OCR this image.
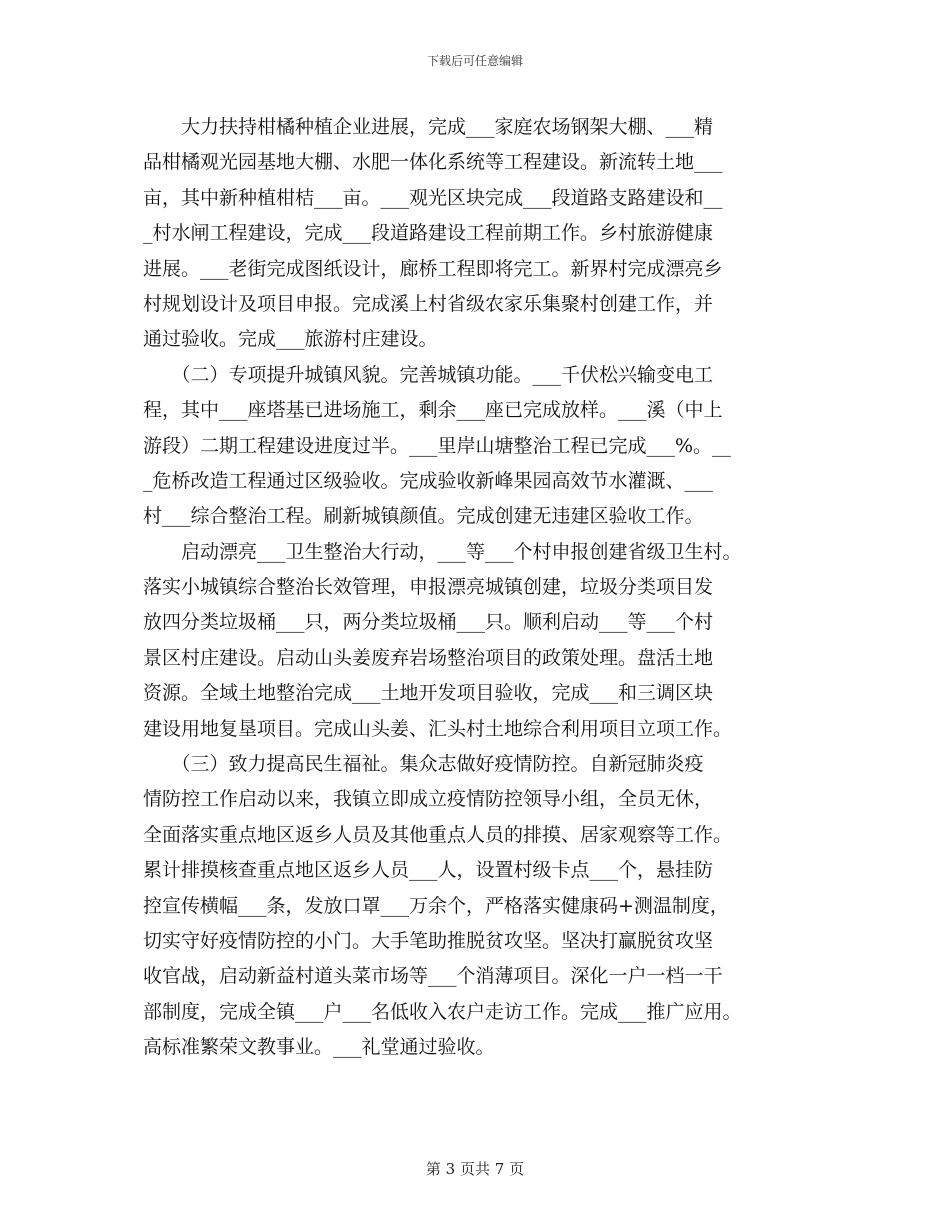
下载后可任意编辑
　　大力扶持柑橘种植企业进展，完成___家庭农场钢架大棚、___精
品柑橘观光园基地大棚、水肥一体化系统等工程建设。新流转土地___
亩，其中新种植柑桔___亩。___观光区块完成___段道路支路建设和__
_村水闸工程建设，完成___段道路建设工程前期工作。乡村旅游健康
进展。___老街完成图纸设计，廊桥工程即将完工。新界村完成漂亮乡
村规划设计及项目申报。完成溪上村省级农家乐集聚村创建工作，并
通过验收。完成___旅游村庄建设。
　　（二）专项提升城镇风貌。完善城镇功能。___千伏松兴输变电工
程，其中___座塔基已进场施工，剩余___座已完成放样。___溪（中上
游段）二期工程建设进度过半。___里岸山塘整治工程已完成___%。__
_危桥改造工程通过区级验收。完成验收新峰果园高效节水灌溉、___
村___综合整治工程。刷新城镇颜值。完成创建无违建区验收工作。
　　启动漂亮___卫生整治大行动，___等___个村申报创建省级卫生村。
落实小城镇综合整治长效管理，申报漂亮城镇创建，垃圾分类项目发
放四分类垃圾桶___只，两分类垃圾桶___只。顺利启动___等___个村
景区村庄建设。启动山头姜废弃岩场整治项目的政策处理。盘活土地
资源。全域土地整治完成___土地开发项目验收，完成___和三调区块
建设用地复垦项目。完成山头姜、汇头村土地综合利用项目立项工作。
　　（三）致力提高民生福祉。集众志做好疫情防控。自新冠肺炎疫
情防控工作启动以来，我镇立即成立疫情防控领导小组，全员无休，
全面落实重点地区返乡人员及其他重点人员的排摸、居家观察等工作。
累计排摸核查重点地区返乡人员___人，设置村级卡点___个，悬挂防
控宣传横幅___条，发放口罩___万余个，严格落实健康码+测温制度，
切实守好疫情防控的小门。大手笔助推脱贫攻坚。坚决打赢脱贫攻坚
收官战，启动新益村道头菜市场等___个消薄项目。深化一户一档一干
部制度，完成全镇___户___名低收入农户走访工作。完成___推广应用。
高标准繁荣文教事业。___礼堂通过验收。
第 3 页共 7 页
